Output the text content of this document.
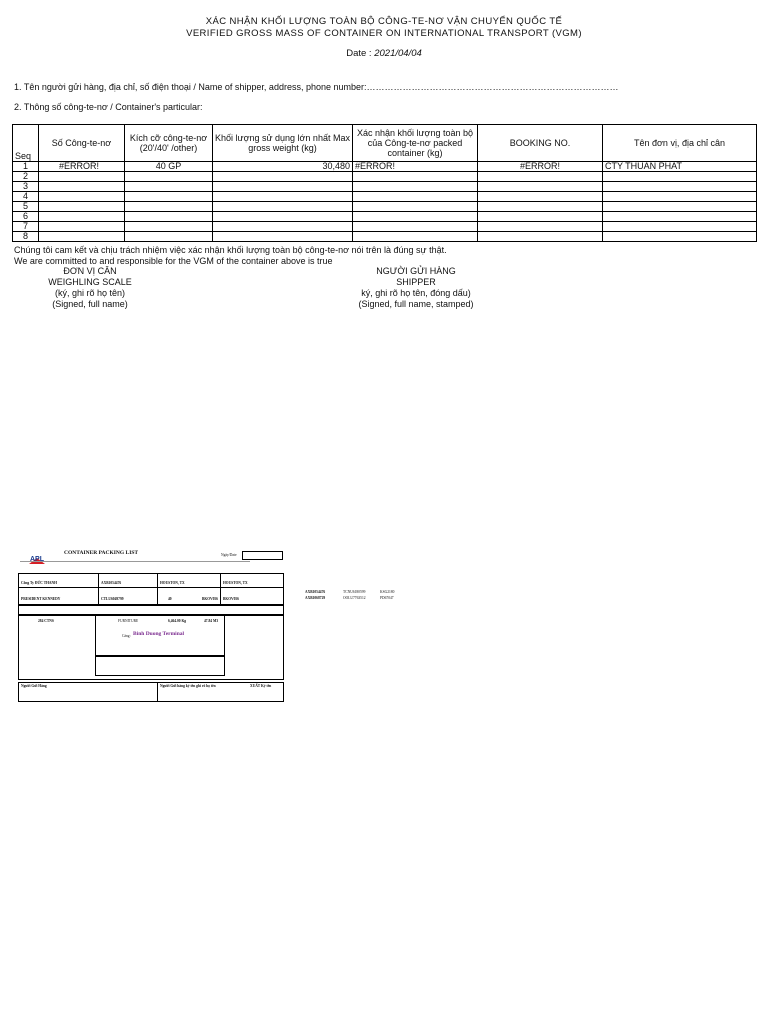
XÁC NHẬN KHỐI LƯỢNG TOÀN BỘ CÔNG-TE-NƠ VẬN CHUYỂN QUỐC TẾ
VERIFIED GROSS MASS OF CONTAINER ON INTERNATIONAL TRANSPORT (VGM)
Date : 2021/04/04
1. Tên người gửi hàng, địa chỉ, số điện thoại / Name of shipper, address, phone number:…………………………………………………………………………
2. Thông số công-te-nơ / Container's particular:
Seq	Số Công-te-nơ	Kích cỡ công-te-nơ (20'/40' /other)	Khối lượng sử dụng lớn nhất Max gross weight (kg)	Xác nhận khối lượng toàn bộ của Công-te-nơ packed container (kg)	BOOKING NO.	Tên đơn vị, địa chỉ cân
1	#ERROR!	40 GP	30,480	#ERROR!	#ERROR!	CTY THUAN PHAT
2						
3						
4						
5						
6						
7						
8						
Chúng tôi cam kết và chịu trách nhiệm việc xác nhận khối lượng toàn bộ công-te-nơ nói trên là đúng sự thật.
We are committed to and responsible for the VGM of the container above is true
ĐƠN VỊ CÂN
WEIGHLING SCALE
(ký, ghi rõ họ tên)
(Signed, full name)
NGƯỜI GỬI HÀNG
SHIPPER
ký, ghi rõ họ tên, đóng dấu)
(Signed, full name, stamped)
APL
CONTAINER PACKING LIST	Ngày/Date
Công Ty ĐỨC THANH	AXB1054476	HOUSTON, TX	HOUSTON, TX
PRESIDENT KENNEDY	CTLU6049799	40	BKOV056 BKOV056
AXB1054476	TCNU6180599	KSG2180
AXB1068729	OOLU7763512	PD67047
284 CTNS	FURNITURE	6,464.00 Kg	47.84 M3
Cảng: Binh Duong Terminal
Người Gửi Hàng	Người Gửi hàng ký tên ghi rõ họ tên	XUẤT Ký tên
